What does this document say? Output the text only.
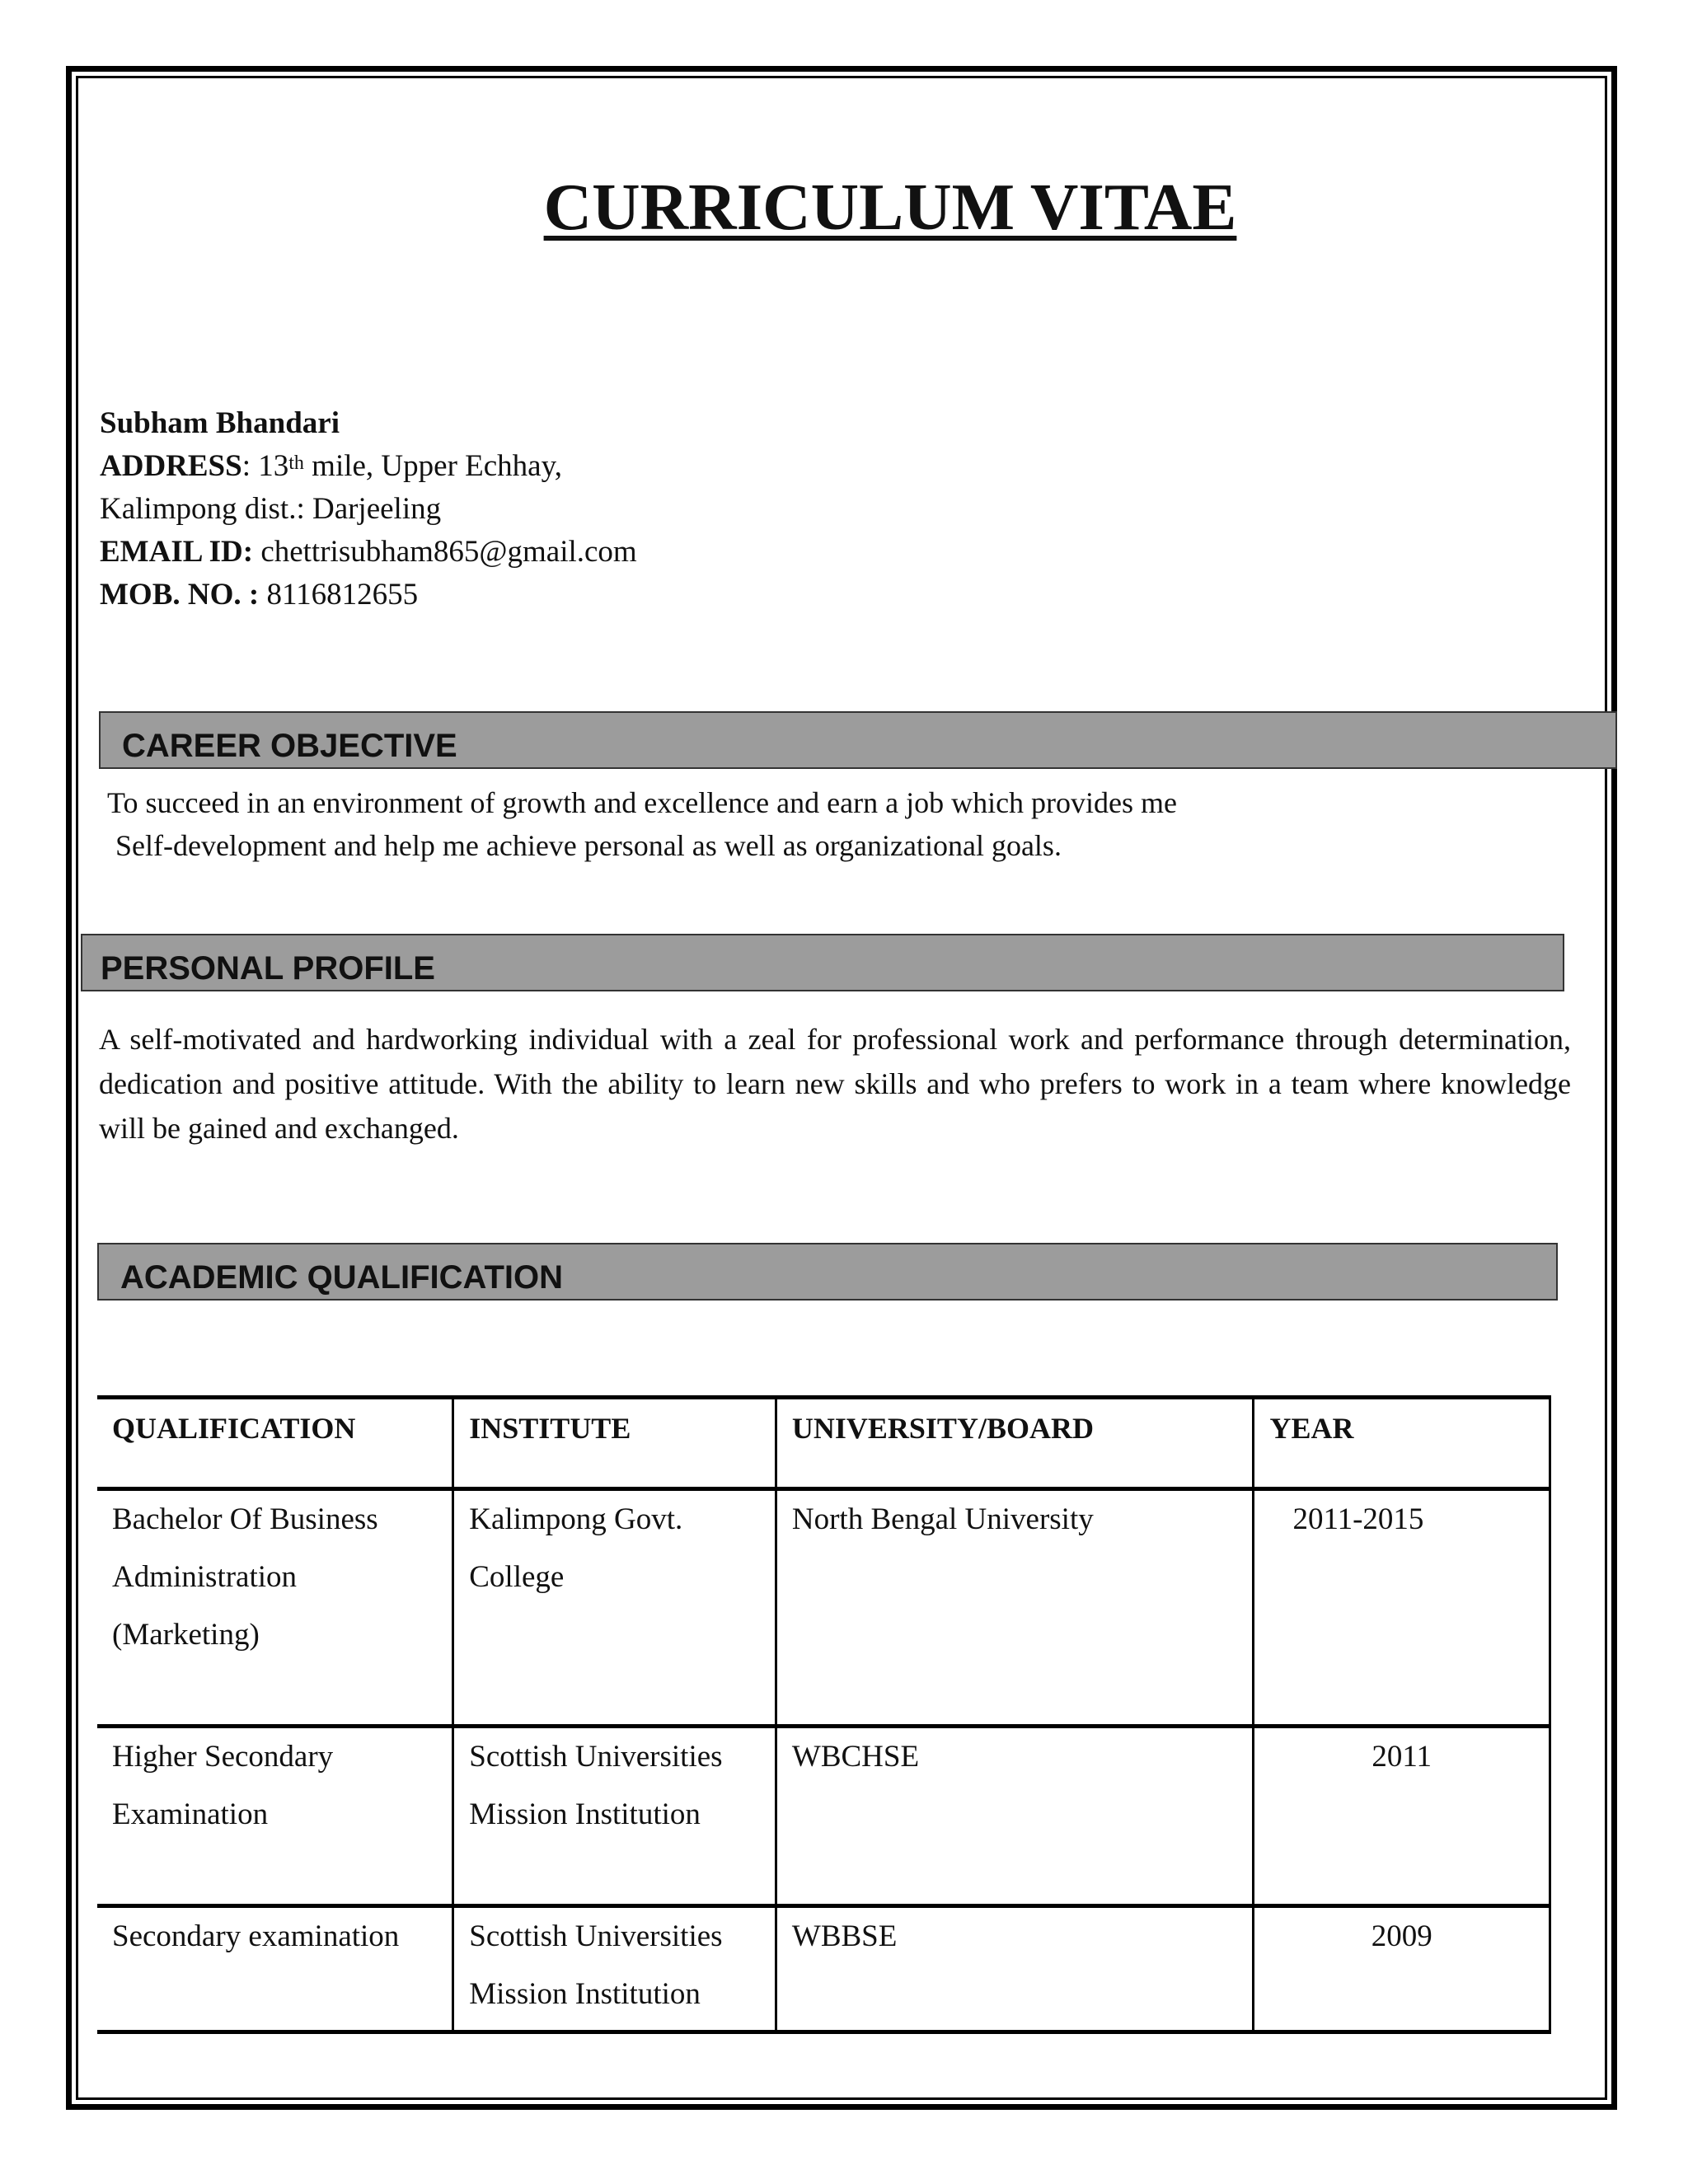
CURRICULUM VITAE
Subham Bhandari
ADDRESS: 13th mile, Upper Echhay,
Kalimpong dist.: Darjeeling
EMAIL ID: chettrisubham865@gmail.com
MOB. NO. : 8116812655
CAREER OBJECTIVE
To succeed in an environment of growth and excellence and earn a job which provides me
Self-development and help me achieve personal as well as organizational goals.
PERSONAL PROFILE
A self-motivated and hardworking individual with a zeal for professional work and performance through determination, dedication and positive attitude. With the ability to learn new skills and who prefers to work in a team where knowledge will be gained and exchanged.
ACADEMIC QUALIFICATION
QUALIFICATION	INSTITUTE	UNIVERSITY/BOARD	YEAR
Bachelor Of Business Administration (Marketing)	Kalimpong Govt. College	North Bengal University	2011-2015
Higher Secondary Examination	Scottish Universities Mission Institution	WBCHSE	2011
Secondary examination	Scottish Universities Mission Institution	WBBSE	2009
